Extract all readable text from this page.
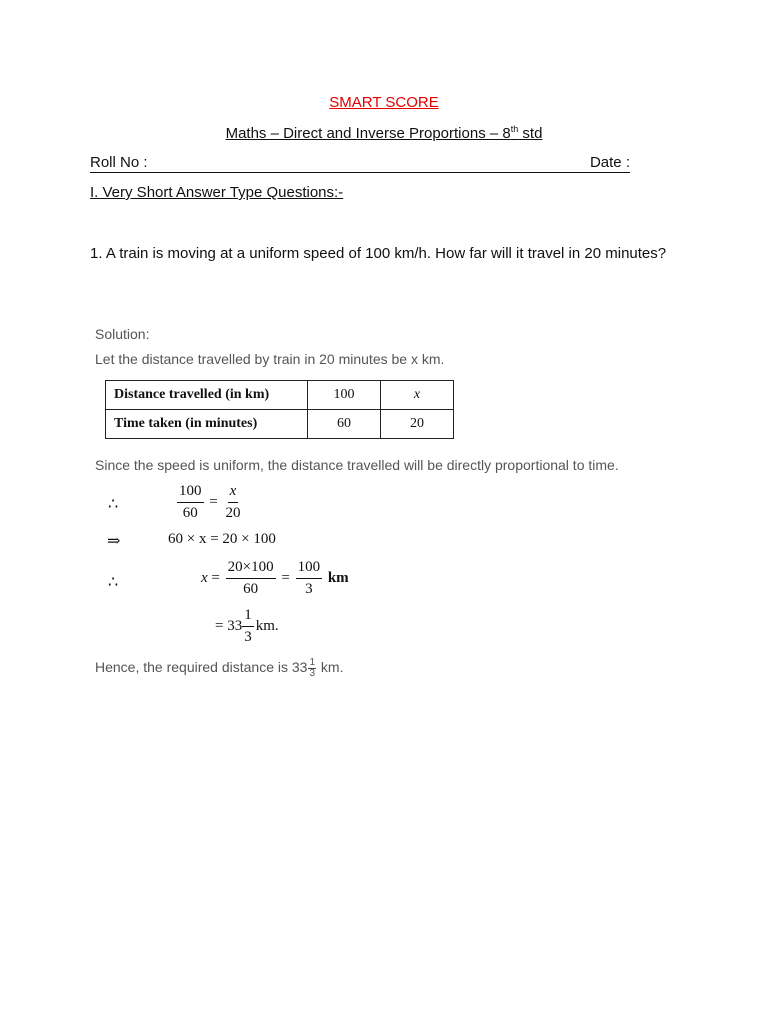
SMART SCORE
Maths – Direct and Inverse Proportions – 8th std
Roll No :	Date :
I. Very Short Answer Type Questions:-
1. A train is moving at a uniform speed of 100 km/h. How far will it travel in 20 minutes?
Solution:
Let the distance travelled by train in 20 minutes be x km.
Distance travelled (in km)	100	x
Time taken (in minutes)	60	20
Since the speed is uniform, the distance travelled will be directly proportional to time.
∴	$\frac{100}{60} = \frac{x}{20}$
⇒	60 × x = 20 × 100
∴	$x = \frac{20\times 100}{60} = \frac{100}{3}$ km
= $33 \frac{1}{3}$ km.
Hence, the required distance is $33 \frac{1}{3}$ km.
